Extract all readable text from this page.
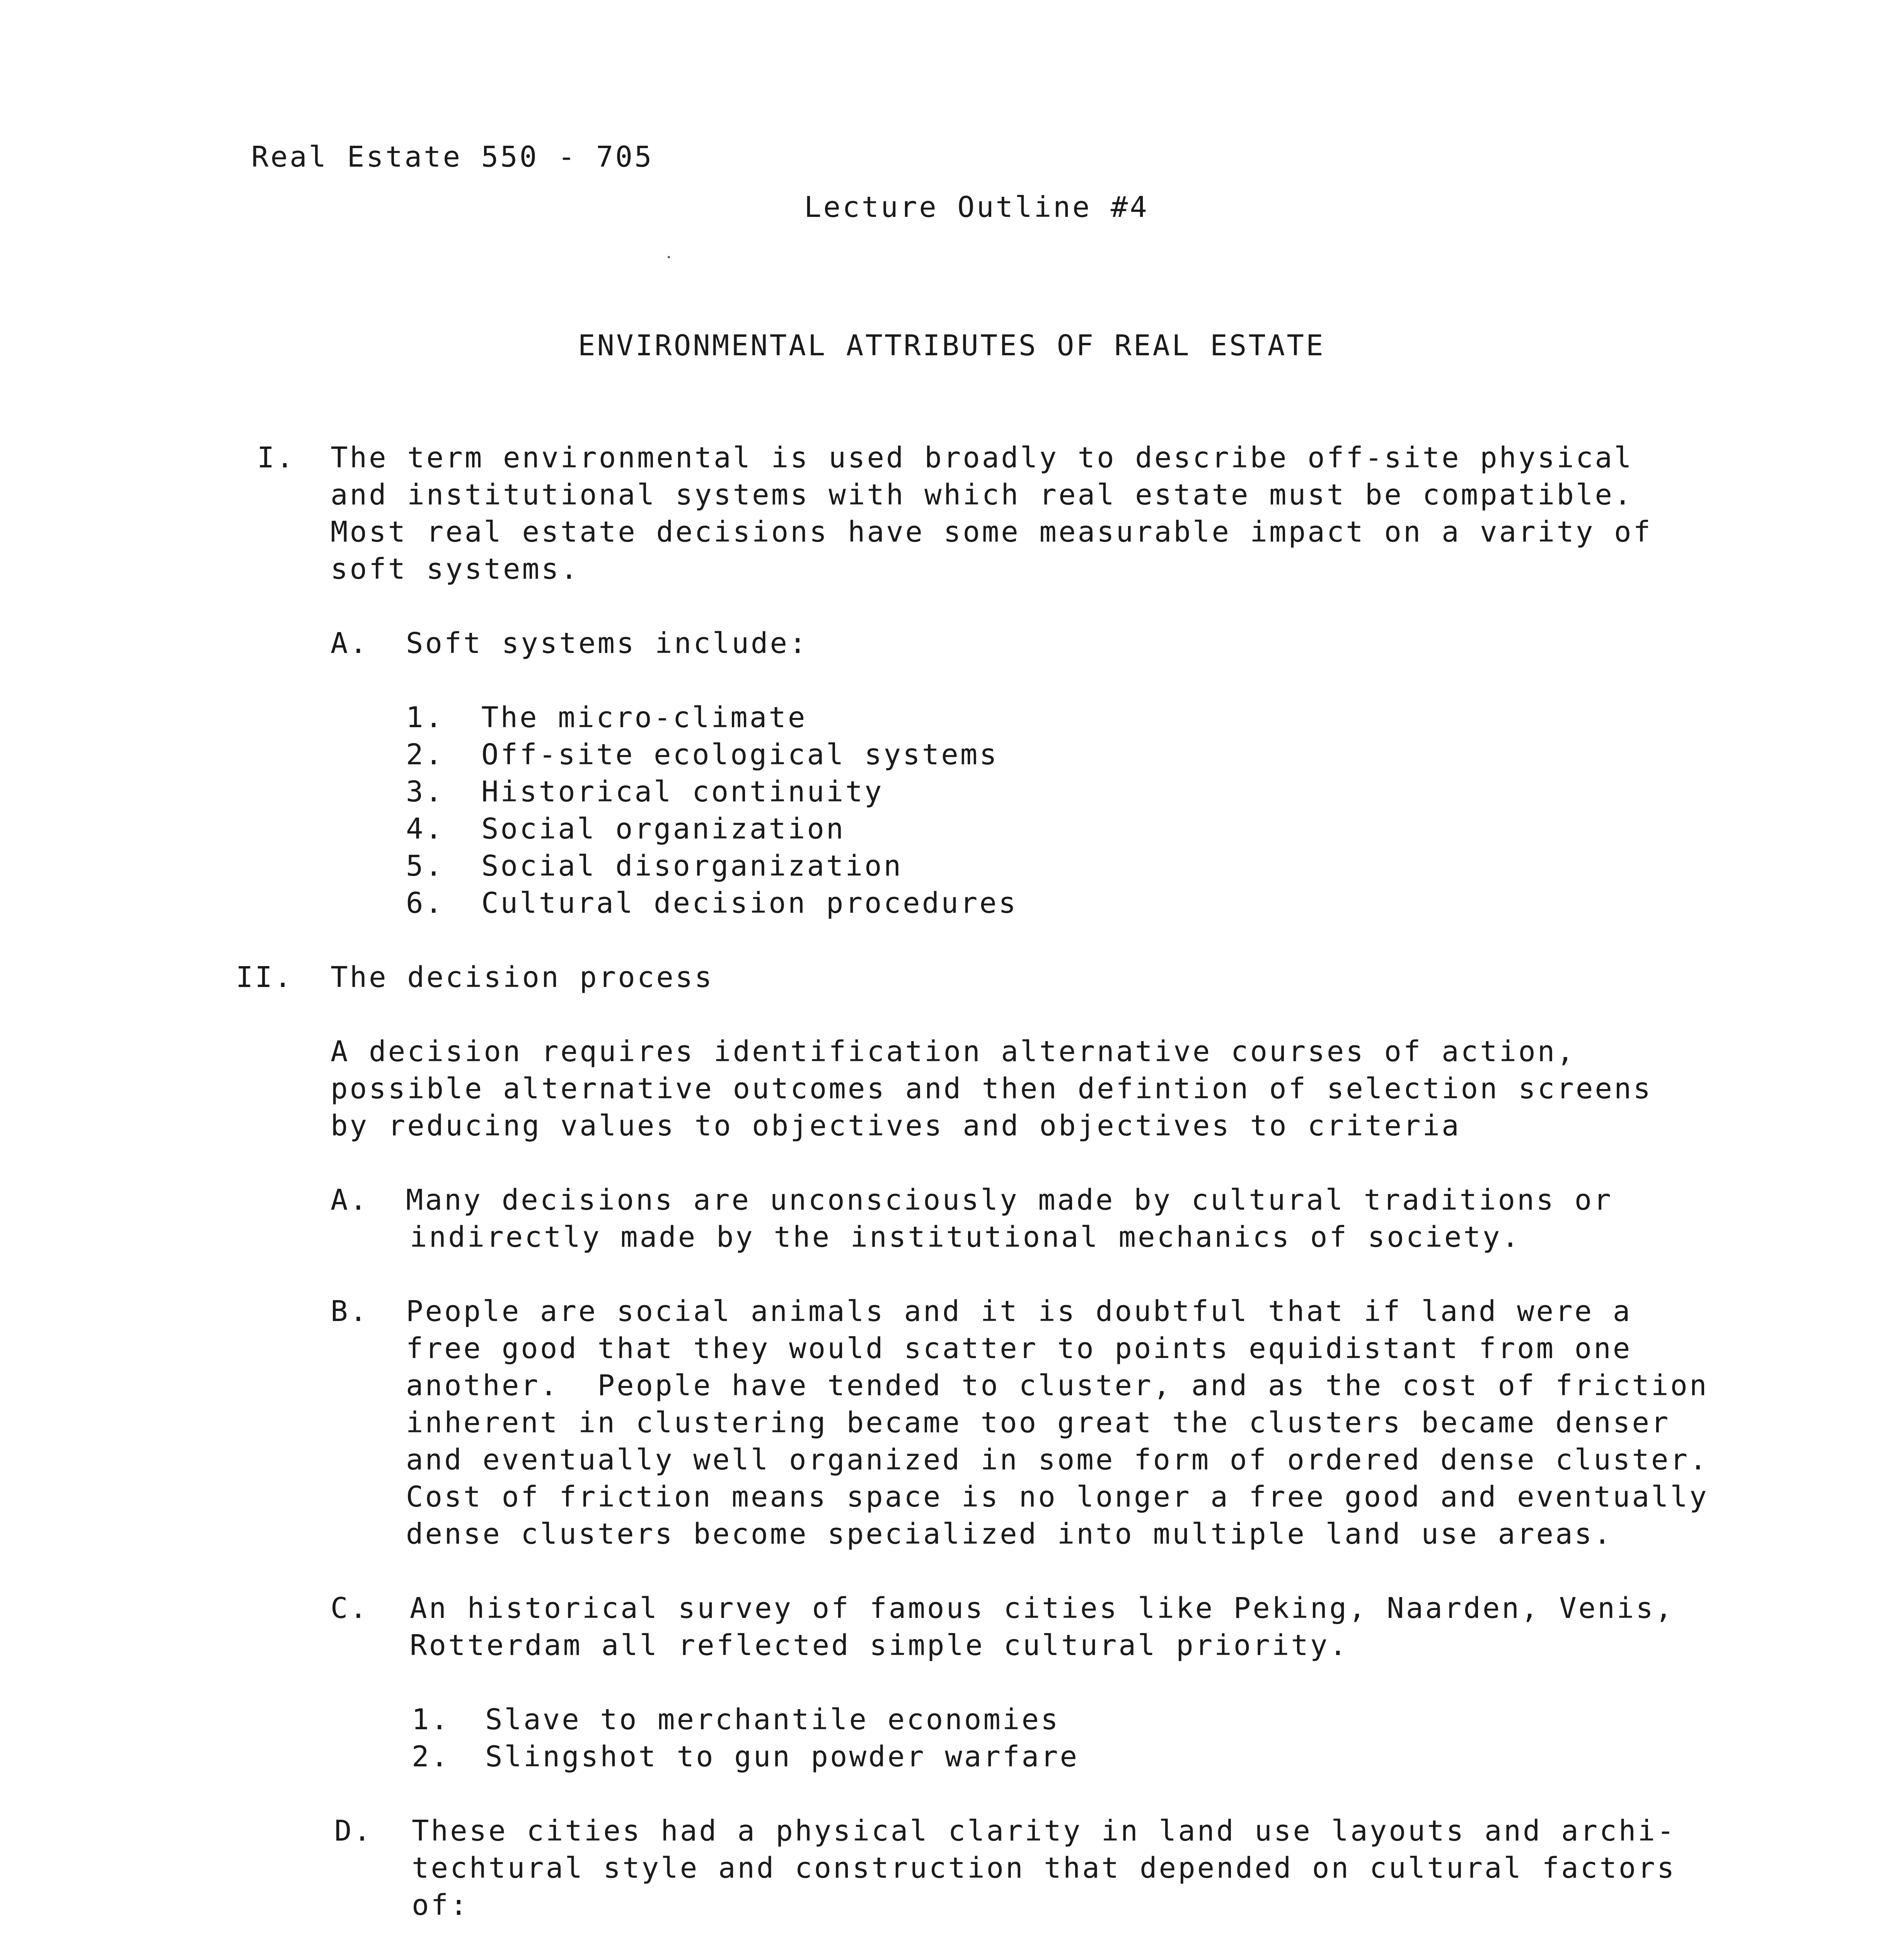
Real Estate 550 - 705
Lecture Outline #4
ENVIRONMENTAL ATTRIBUTES OF REAL ESTATE
I. The term environmental is used broadly to describe off-site physical
and institutional systems with which real estate must be compatible.
Most real estate decisions have some measurable impact on a varity of
soft systems.
A. Soft systems include:
1. The micro-climate
2. Off-site ecological systems
3. Historical continuity
4. Social organization
5. Social disorganization
6. Cultural decision procedures
II. The decision process
A decision requires identification alternative courses of action,
possible alternative outcomes and then defintion of selection screens
by reducing values to objectives and objectives to criteria
A. Many decisions are unconsciously made by cultural traditions or
indirectly made by the institutional mechanics of society.
B. People are social animals and it is doubtful that if land were a
free good that they would scatter to points equidistant from one
another.  People have tended to cluster, and as the cost of friction
inherent in clustering became too great the clusters became denser
and eventually well organized in some form of ordered dense cluster.
Cost of friction means space is no longer a free good and eventually
dense clusters become specialized into multiple land use areas.
C. An historical survey of famous cities like Peking, Naarden, Venis,
Rotterdam all reflected simple cultural priority.
1. Slave to merchantile economies
2. Slingshot to gun powder warfare
D. These cities had a physical clarity in land use layouts and archi-
techtural style and construction that depended on cultural factors
of:
